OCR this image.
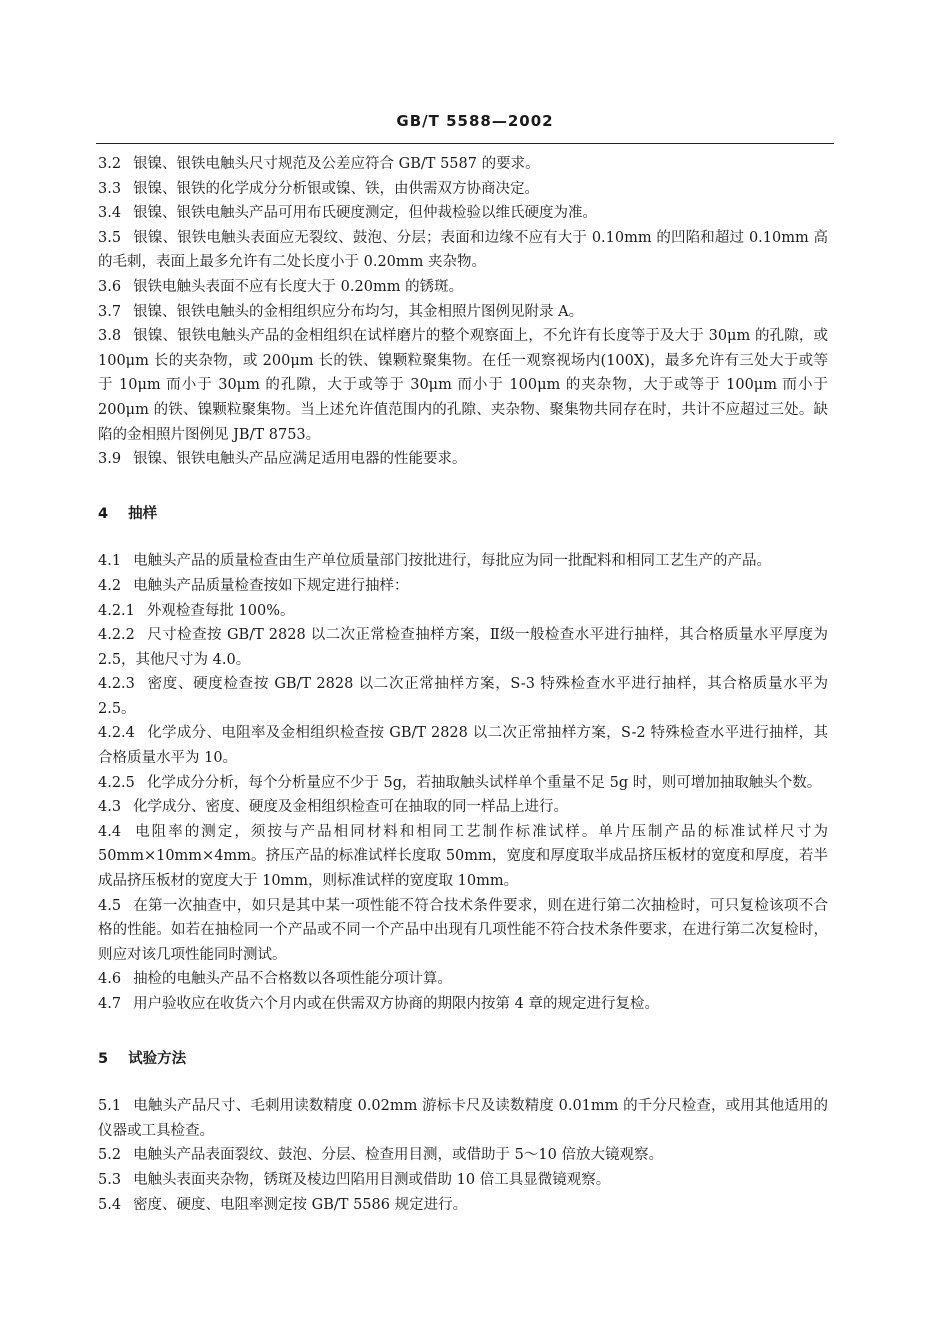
GB/T 5588—2002
3.2 银镍、银铁电触头尺寸规范及公差应符合 GB/T 5587 的要求。
3.3 银镍、银铁的化学成分分析银或镍、铁，由供需双方协商决定。
3.4 银镍、银铁电触头产品可用布氏硬度测定，但仲裁检验以维氏硬度为准。
3.5 银镍、银铁电触头表面应无裂纹、鼓泡、分层；表面和边缘不应有大于 0.10mm 的凹陷和超过 0.10mm 高的毛刺，表面上最多允许有二处长度小于 0.20mm 夹杂物。
3.6 银铁电触头表面不应有长度大于 0.20mm 的锈斑。
3.7 银镍、银铁电触头的金相组织应分布均匀，其金相照片图例见附录 A。
3.8 银镍、银铁电触头产品的金相组织在试样磨片的整个观察面上，不允许有长度等于及大于 30μm 的孔隙，或 100μm 长的夹杂物，或 200μm 长的铁、镍颗粒聚集物。在任一观察视场内(100X)，最多允许有三处大于或等于 10μm 而小于 30μm 的孔隙，大于或等于 30μm 而小于 100μm 的夹杂物，大于或等于 100μm 而小于 200μm 的铁、镍颗粒聚集物。当上述允许值范围内的孔隙、夹杂物、聚集物共同存在时，共计不应超过三处。缺陷的金相照片图例见 JB/T 8753。
3.9 银镍、银铁电触头产品应满足适用电器的性能要求。
4 抽样
4.1 电触头产品的质量检查由生产单位质量部门按批进行，每批应为同一批配料和相同工艺生产的产品。
4.2 电触头产品质量检查按如下规定进行抽样：
4.2.1 外观检查每批 100%。
4.2.2 尺寸检查按 GB/T 2828 以二次正常检查抽样方案，Ⅱ级一般检查水平进行抽样，其合格质量水平厚度为 2.5，其他尺寸为 4.0。
4.2.3 密度、硬度检查按 GB/T 2828 以二次正常抽样方案，S-3 特殊检查水平进行抽样，其合格质量水平为 2.5。
4.2.4 化学成分、电阻率及金相组织检查按 GB/T 2828 以二次正常抽样方案，S-2 特殊检查水平进行抽样，其合格质量水平为 10。
4.2.5 化学成分分析，每个分析量应不少于 5g，若抽取触头试样单个重量不足 5g 时，则可增加抽取触头个数。
4.3 化学成分、密度、硬度及金相组织检查可在抽取的同一样品上进行。
4.4 电阻率的测定，须按与产品相同材料和相同工艺制作标准试样。单片压制产品的标准试样尺寸为 50mm×10mm×4mm。挤压产品的标准试样长度取 50mm，宽度和厚度取半成品挤压板材的宽度和厚度，若半成品挤压板材的宽度大于 10mm，则标准试样的宽度取 10mm。
4.5 在第一次抽查中，如只是其中某一项性能不符合技术条件要求，则在进行第二次抽检时，可只复检该项不合格的性能。如若在抽检同一个产品或不同一个产品中出现有几项性能不符合技术条件要求，在进行第二次复检时，则应对该几项性能同时测试。
4.6 抽检的电触头产品不合格数以各项性能分项计算。
4.7 用户验收应在收货六个月内或在供需双方协商的期限内按第 4 章的规定进行复检。
5 试验方法
5.1 电触头产品尺寸、毛刺用读数精度 0.02mm 游标卡尺及读数精度 0.01mm 的千分尺检查，或用其他适用的仪器或工具检查。
5.2 电触头产品表面裂纹、鼓泡、分层、检查用目测，或借助于 5～10 倍放大镜观察。
5.3 电触头表面夹杂物，锈斑及棱边凹陷用目测或借助 10 倍工具显微镜观察。
5.4 密度、硬度、电阻率测定按 GB/T 5586 规定进行。
